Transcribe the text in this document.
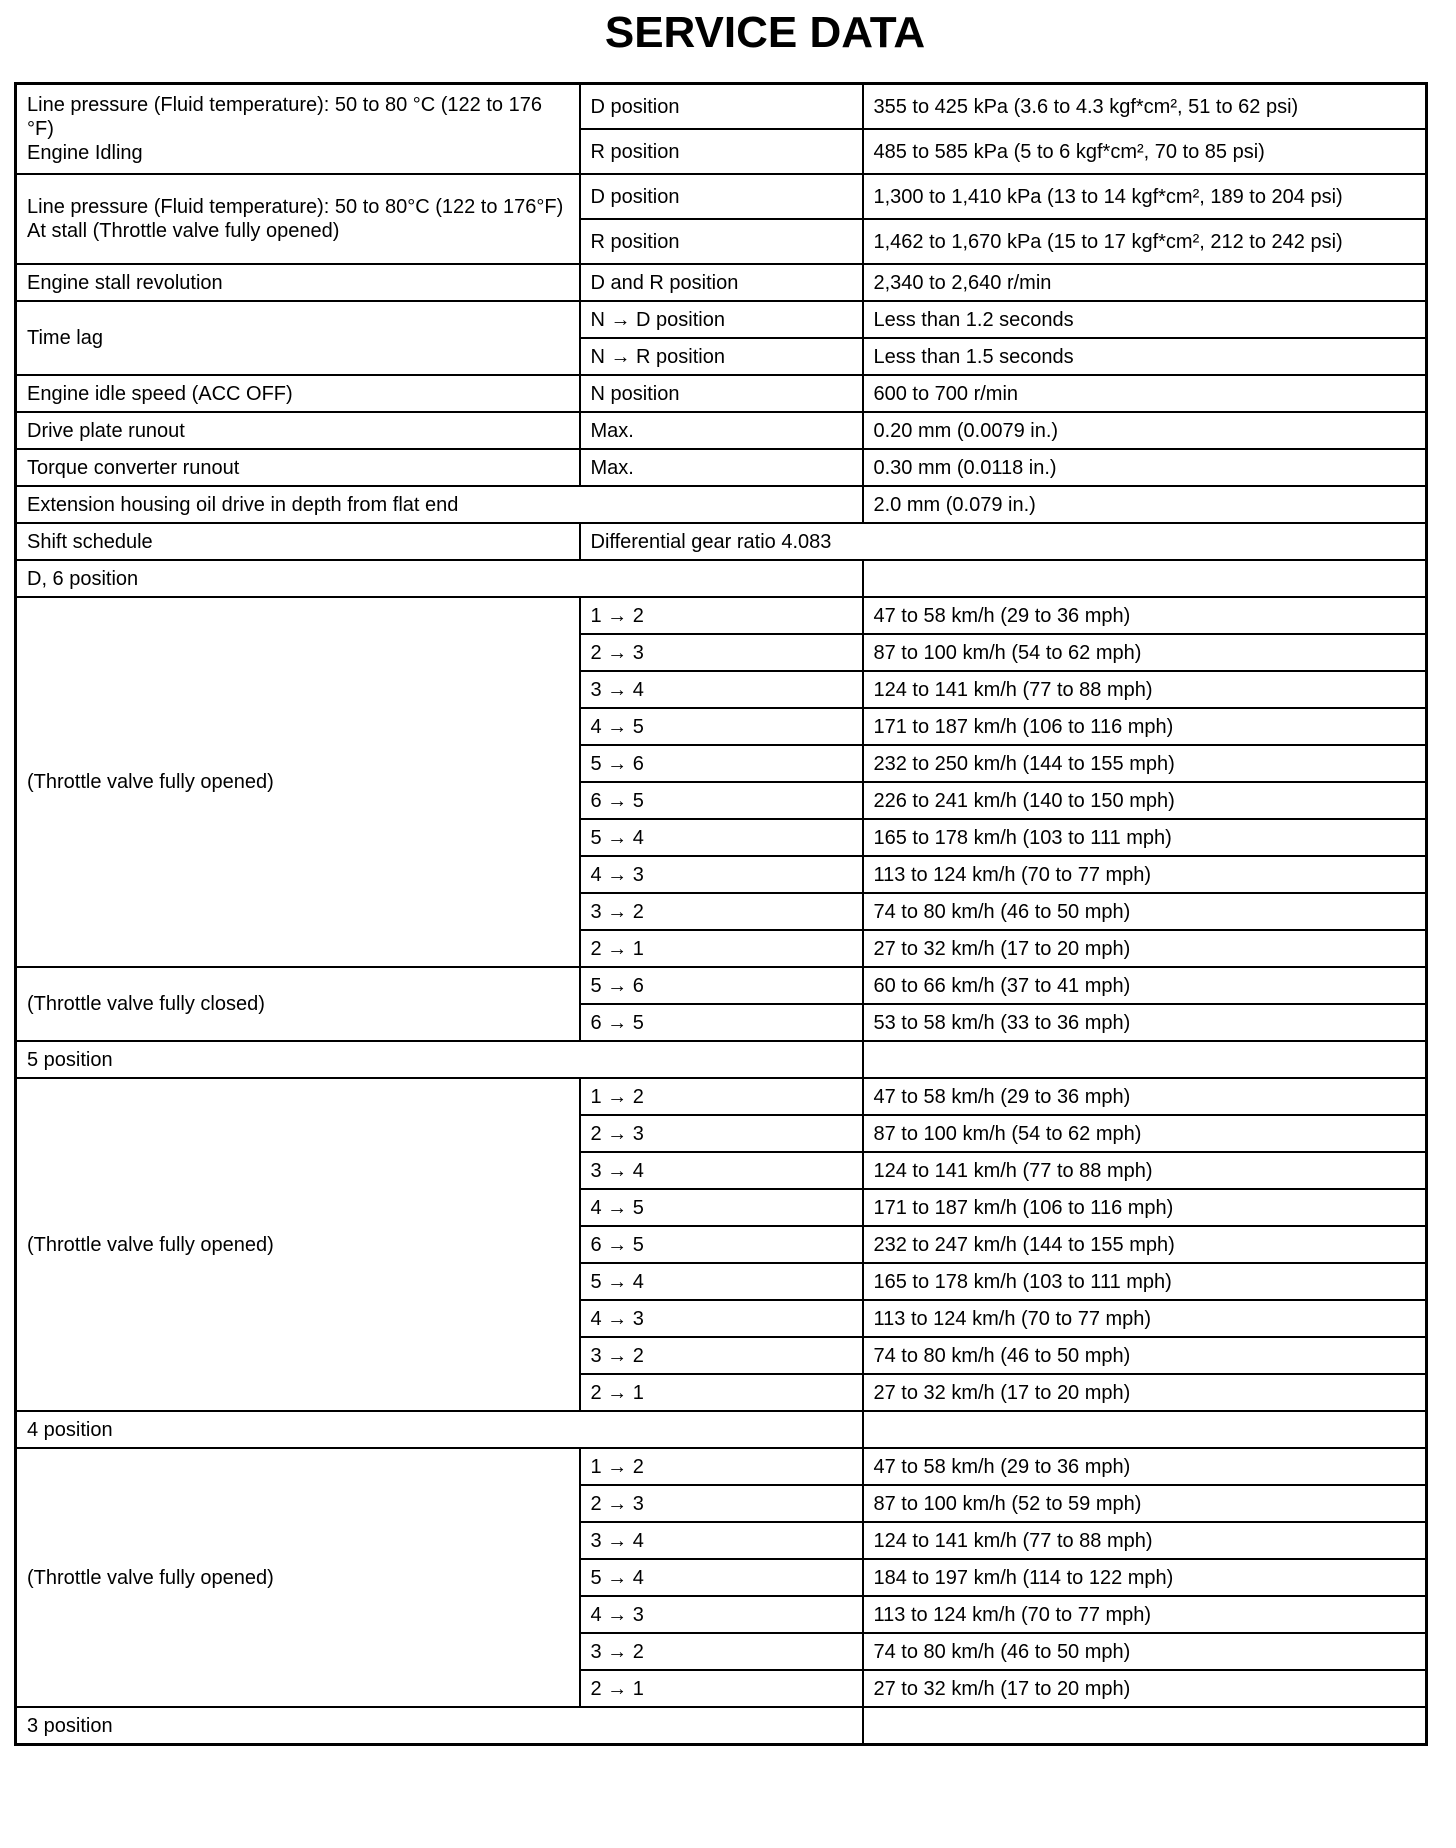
SERVICE DATA
Line pressure (Fluid temperature): 50 to 80 °C (122 to 176 °F)
Engine Idling	D position	355 to 425 kPa (3.6 to 4.3 kgf*cm², 51 to 62 psi)
	R position	485 to 585 kPa (5 to 6 kgf*cm², 70 to 85 psi)
Line pressure (Fluid temperature): 50 to 80°C (122 to 176°F)
At stall (Throttle valve fully opened)	D position	1,300 to 1,410 kPa (13 to 14 kgf*cm², 189 to 204 psi)
	R position	1,462 to 1,670 kPa (15 to 17 kgf*cm², 212 to 242 psi)
Engine stall revolution	D and R position	2,340 to 2,640 r/min
Time lag	N → D position	Less than 1.2 seconds
	N → R position	Less than 1.5 seconds
Engine idle speed (ACC OFF)	N position	600 to 700 r/min
Drive plate runout	Max.	0.20 mm (0.0079 in.)
Torque converter runout	Max.	0.30 mm (0.0118 in.)
Extension housing oil drive in depth from flat end		2.0 mm (0.079 in.)
Shift schedule	Differential gear ratio 4.083	
D, 6 position		
(Throttle valve fully opened)	1 → 2	47 to 58 km/h (29 to 36 mph)
	2 → 3	87 to 100 km/h (54 to 62 mph)
	3 → 4	124 to 141 km/h (77 to 88 mph)
	4 → 5	171 to 187 km/h (106 to 116 mph)
	5 → 6	232 to 250 km/h (144 to 155 mph)
	6 → 5	226 to 241 km/h (140 to 150 mph)
	5 → 4	165 to 178 km/h (103 to 111 mph)
	4 → 3	113 to 124 km/h (70 to 77 mph)
	3 → 2	74 to 80 km/h (46 to 50 mph)
	2 → 1	27 to 32 km/h (17 to 20 mph)
(Throttle valve fully closed)	5 → 6	60 to 66 km/h (37 to 41 mph)
	6 → 5	53 to 58 km/h (33 to 36 mph)
5 position		
(Throttle valve fully opened)	1 → 2	47 to 58 km/h (29 to 36 mph)
	2 → 3	87 to 100 km/h (54 to 62 mph)
	3 → 4	124 to 141 km/h (77 to 88 mph)
	4 → 5	171 to 187 km/h (106 to 116 mph)
	6 → 5	232 to 247 km/h (144 to 155 mph)
	5 → 4	165 to 178 km/h (103 to 111 mph)
	4 → 3	113 to 124 km/h (70 to 77 mph)
	3 → 2	74 to 80 km/h (46 to 50 mph)
	2 → 1	27 to 32 km/h (17 to 20 mph)
4 position		
(Throttle valve fully opened)	1 → 2	47 to 58 km/h (29 to 36 mph)
	2 → 3	87 to 100 km/h (52 to 59 mph)
	3 → 4	124 to 141 km/h (77 to 88 mph)
	5 → 4	184 to 197 km/h (114 to 122 mph)
	4 → 3	113 to 124 km/h (70 to 77 mph)
	3 → 2	74 to 80 km/h (46 to 50 mph)
	2 → 1	27 to 32 km/h (17 to 20 mph)
3 position		
